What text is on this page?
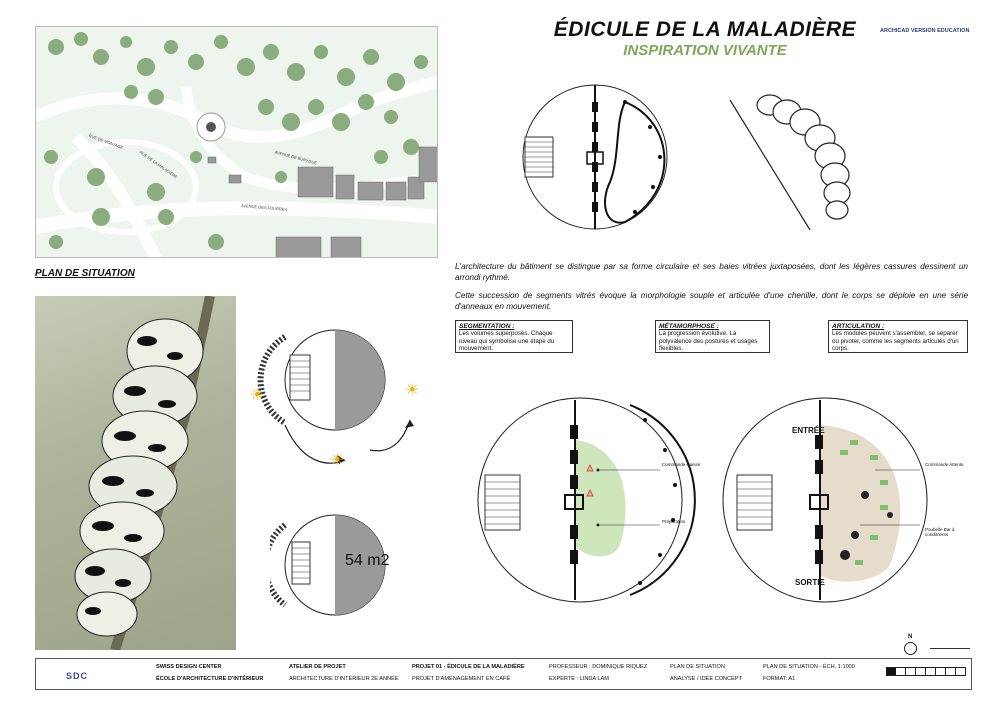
RUE DE MONTAGE
AVENUE DES FOURRES
RUE DE LA MALADIÈRE	AVENUE DE BURYGUE
ÉDICULE DE LA MALADIÈRE
INSPIRATION VIVANTE
ARCHICAD VERSION EDUCATION
PLAN DE SITUATION
☀
☀
☀
54 m2
L'architecture du bâtiment se distingue par sa forme circulaire et ses baies vitrées juxtaposées, dont les légères cassures dessinent un arrondi rythmé.
Cette succession de segments vitrés évoque la morphologie souple et articulée d'une chenille, dont le corps se déploie en une série d'anneaux en mouvement.
SEGMENTATION :
Les volumes superposés. Chaque niveau qui symbolise une étape du mouvement.
MÉTAMORPHOSE :
La progression évolutive. La polyvalence des postures et usages flexibles.
ARTICULATION :
Les modules peuvent s'assembler, se séparer ou pivoter, comme les segments articulés d'un corps.
Commande Caissé
Préparation
ENTRÉE
SORTIE
Commande Attente
Poubelle Bar à condiments
N
SDC
SWISS DESIGN CENTER
ÉCOLE D'ARCHITECTURE D'INTÉRIEUR
ATELIER DE PROJET
ARCHITECTURE D'INTÉRIEUR 2E ANNÉE
PROJET 01 - ÉDICULE DE LA MALADIÈRE
PROJET D'AMÉNAGEMENT EN CAFÉ
PROFESSEUR : DOMINIQUE RIQUEZ
EXPERTE : LINDA LAM
PLAN DE SITUATION
ANALYSE / IDÉE CONCEPT
PLAN DE SITUATION - ÉCH. 1:1000
FORMAT: A1
